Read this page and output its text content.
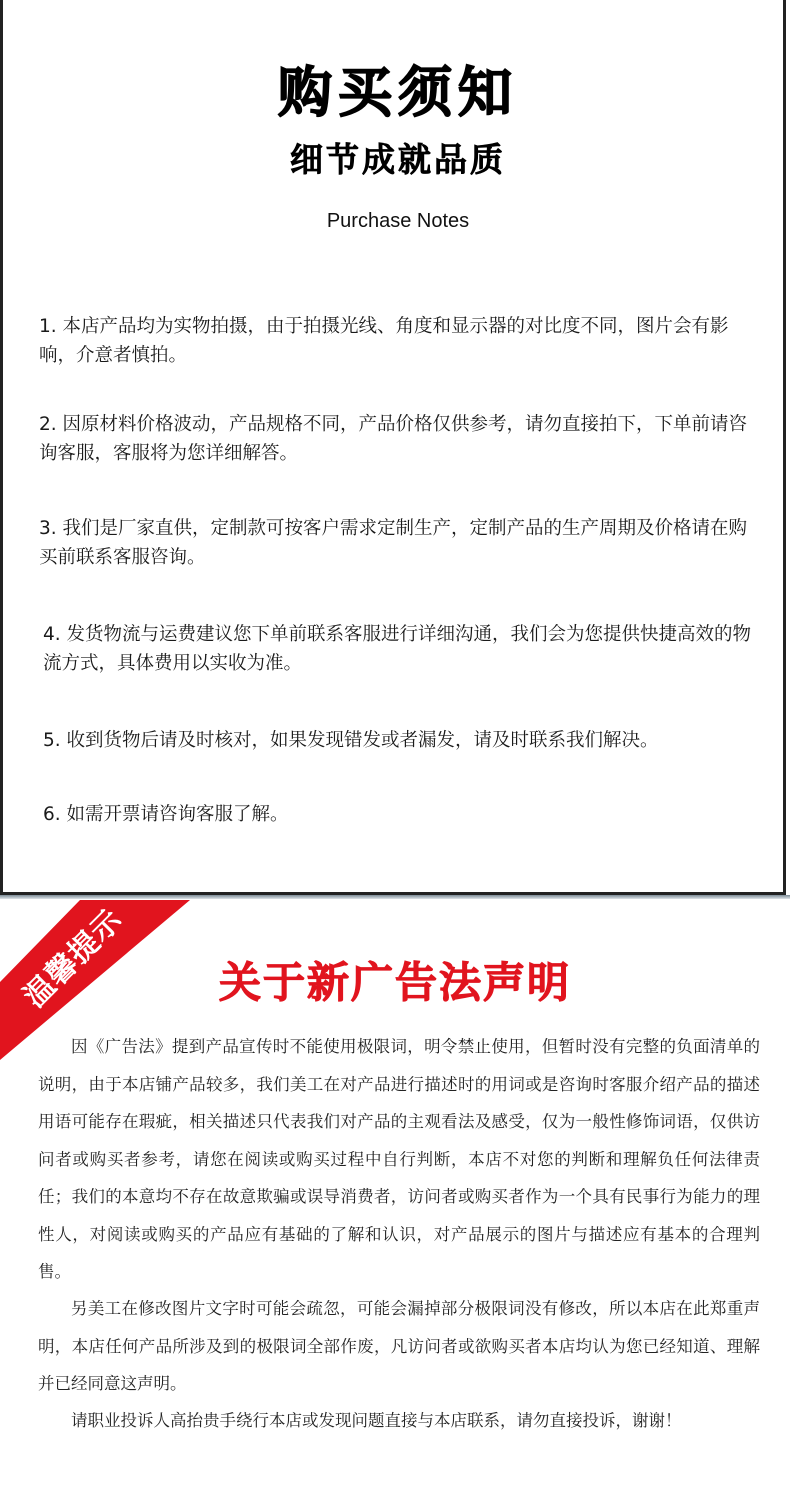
购买须知
细节成就品质
Purchase Notes
1. 本店产品均为实物拍摄，由于拍摄光线、角度和显示器的对比度不同，图片会有影响，介意者慎拍。
2. 因原材料价格波动，产品规格不同，产品价格仅供参考，请勿直接拍下，下单前请咨询客服，客服将为您详细解答。
3. 我们是厂家直供，定制款可按客户需求定制生产，定制产品的生产周期及价格请在购买前联系客服咨询。
4. 发货物流与运费建议您下单前联系客服进行详细沟通，我们会为您提供快捷高效的物流方式，具体费用以实收为准。
5. 收到货物后请及时核对，如果发现错发或者漏发，请及时联系我们解决。
6. 如需开票请咨询客服了解。
温馨提示	关于新广告法声明
因《广告法》提到产品宣传时不能使用极限词，明令禁止使用，但暂时没有完整的负面清单的说明，由于本店铺产品较多，我们美工在对产品进行描述时的用词或是咨询时客服介绍产品的描述用语可能存在瑕疵，相关描述只代表我们对产品的主观看法及感受，仅为一般性修饰词语，仅供访问者或购买者参考，请您在阅读或购买过程中自行判断，本店不对您的判断和理解负任何法律责任；我们的本意均不存在故意欺骗或误导消费者，访问者或购买者作为一个具有民事行为能力的理性人，对阅读或购买的产品应有基础的了解和认识，对产品展示的图片与描述应有基本的合理判售。
另美工在修改图片文字时可能会疏忽，可能会漏掉部分极限词没有修改，所以本店在此郑重声明，本店任何产品所涉及到的极限词全部作废，凡访问者或欲购买者本店均认为您已经知道、理解并已经同意这声明。
请职业投诉人高抬贵手绕行本店或发现问题直接与本店联系，请勿直接投诉，谢谢！
